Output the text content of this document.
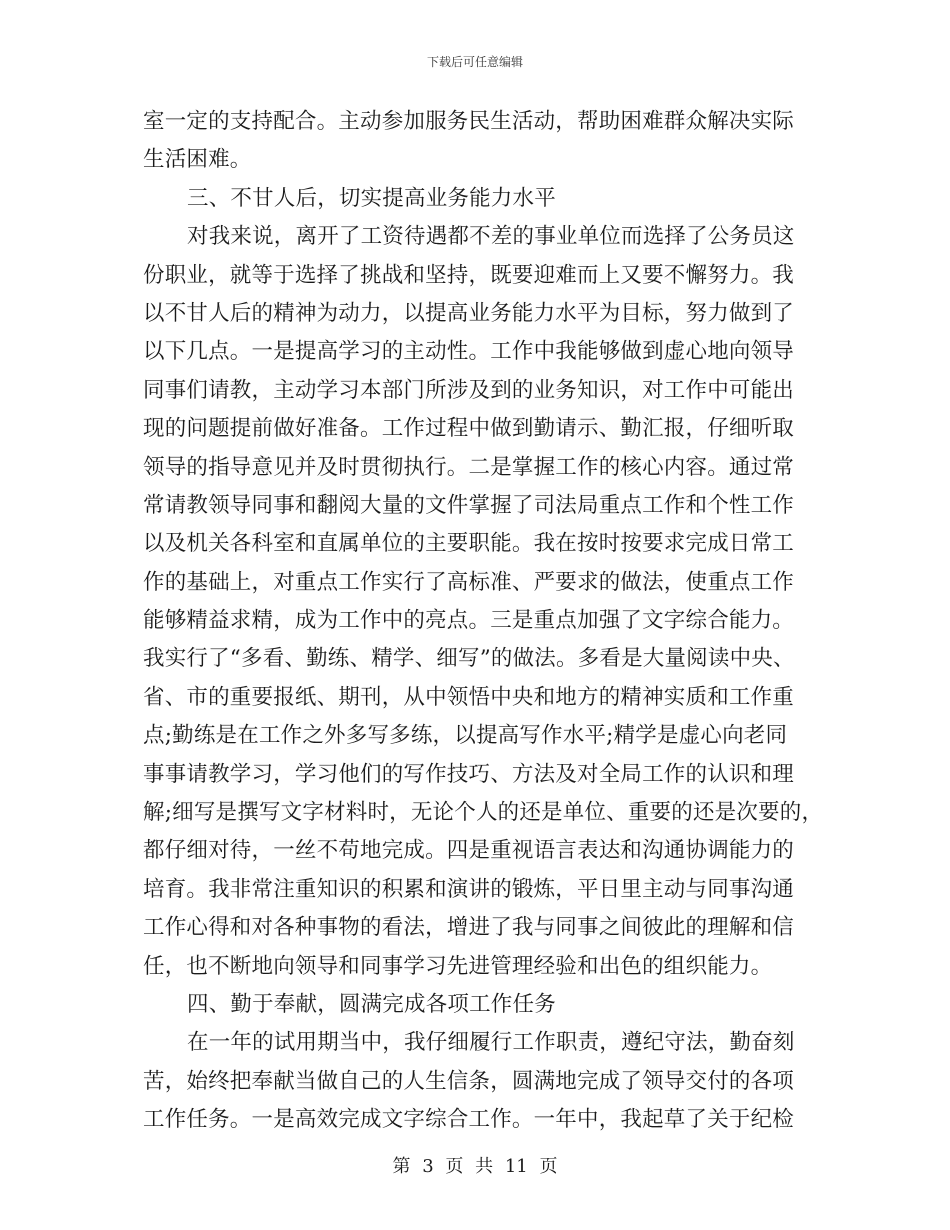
下载后可任意编辑
室一定的支持配合。主动参加服务民生活动，帮助困难群众解决实际
生活困难。
三、不甘人后，切实提高业务能力水平
对我来说，离开了工资待遇都不差的事业单位而选择了公务员这
份职业，就等于选择了挑战和坚持，既要迎难而上又要不懈努力。我
以不甘人后的精神为动力，以提高业务能力水平为目标，努力做到了
以下几点。一是提高学习的主动性。工作中我能够做到虚心地向领导
同事们请教，主动学习本部门所涉及到的业务知识，对工作中可能出
现的问题提前做好准备。工作过程中做到勤请示、勤汇报，仔细听取
领导的指导意见并及时贯彻执行。二是掌握工作的核心内容。通过常
常请教领导同事和翻阅大量的文件掌握了司法局重点工作和个性工作
以及机关各科室和直属单位的主要职能。我在按时按要求完成日常工
作的基础上，对重点工作实行了高标准、严要求的做法，使重点工作
能够精益求精，成为工作中的亮点。三是重点加强了文字综合能力。
我实行了“多看、勤练、精学、细写”的做法。多看是大量阅读中央、
省、市的重要报纸、期刊，从中领悟中央和地方的精神实质和工作重
点;勤练是在工作之外多写多练，以提高写作水平;精学是虚心向老同
事事请教学习，学习他们的写作技巧、方法及对全局工作的认识和理
解;细写是撰写文字材料时，无论个人的还是单位、重要的还是次要的，
都仔细对待，一丝不苟地完成。四是重视语言表达和沟通协调能力的
培育。我非常注重知识的积累和演讲的锻炼，平日里主动与同事沟通
工作心得和对各种事物的看法，增进了我与同事之间彼此的理解和信
任，也不断地向领导和同事学习先进管理经验和出色的组织能力。
四、勤于奉献，圆满完成各项工作任务
在一年的试用期当中，我仔细履行工作职责，遵纪守法，勤奋刻
苦，始终把奉献当做自己的人生信条，圆满地完成了领导交付的各项
工作任务。一是高效完成文字综合工作。一年中，我起草了关于纪检
第 3 页 共 11 页
